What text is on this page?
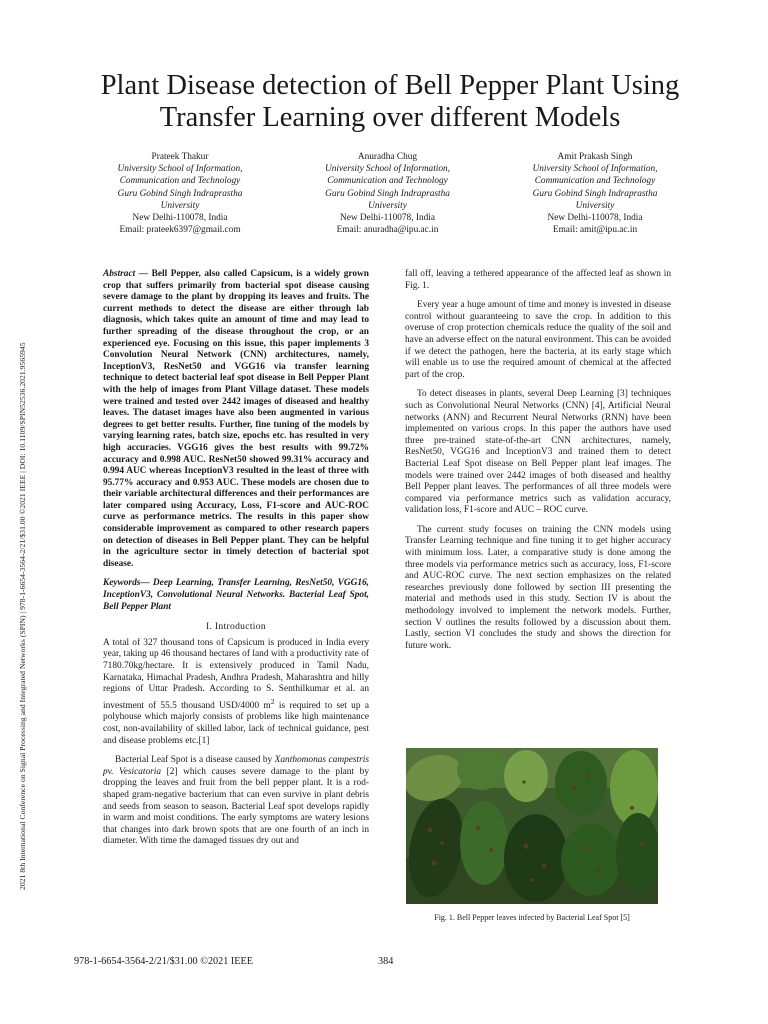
2021 8th International Conference on Signal Processing and Integrated Networks (SPIN) | 978-1-6654-3564-2/21/$31.00 ©2021 IEEE | DOI: 10.1109/SPIN52536.2021.9565945
Plant Disease detection of Bell Pepper Plant Using
Transfer Learning over different Models
Prateek Thakur
University School of Information,
Communication and Technology
Guru Gobind Singh Indraprastha
University
New Delhi-110078, India
Email: prateek6397@gmail.com
Anuradha Chug
University School of Information,
Communication and Technology
Guru Gobind Singh Indraprastha
University
New Delhi-110078, India
Email: anuradha@ipu.ac.in
Amit Prakash Singh
University School of Information,
Communication and Technology
Guru Gobind Singh Indraprastha
University
New Delhi-110078, India
Email: amit@ipu.ac.in

Abstract — Bell Pepper, also called Capsicum, is a widely grown crop that suffers primarily from bacterial spot disease causing severe damage to the plant by dropping its leaves and fruits. The current methods to detect the disease are either through lab diagnosis, which takes quite an amount of time and may lead to further spreading of the disease throughout the crop, or an experienced eye. Focusing on this issue, this paper implements 3 Convolution Neural Network (CNN) architectures, namely, InceptionV3, ResNet50 and VGG16 via transfer learning technique to detect bacterial leaf spot disease in Bell Pepper Plant with the help of images from Plant Village dataset. These models were trained and tested over 2442 images of diseased and healthy leaves. The dataset images have also been augmented in various degrees to get better results. Further, fine tuning of the models by varying learning rates, batch size, epochs etc. has resulted in very high accuracies. VGG16 gives the best results with 99.72% accuracy and 0.998 AUC. ResNet50 showed 99.31% accuracy and 0.994 AUC whereas InceptionV3 resulted in the least of three with 95.77% accuracy and 0.953 AUC. These models are chosen due to their variable architectural differences and their performances are later compared using Accuracy, Loss, F1-score and AUC-ROC curve as performance metrics. The results in this paper show considerable improvement as compared to other research papers on detection of diseases in Bell Pepper plant. They can be helpful in the agriculture sector in timely detection of bacterial spot disease.

Keywords— Deep Learning, Transfer Learning, ResNet50, VGG16, InceptionV3, Convolutional Neural Networks. Bacterial Leaf Spot, Bell Pepper Plant

I. Introduction

A total of 327 thousand tons of Capsicum is produced in India every year, taking up 46 thousand hectares of land with a productivity rate of 7180.70kg/hectare. It is extensively produced in Tamil Nadu, Karnataka, Himachal Pradesh, Andhra Pradesh, Maharashtra and hilly regions of Uttar Pradesh. According to S. Senthilkumar et al. an investment of 55.5 thousand USD/4000 $m^2$ is required to set up a polyhouse which majorly consists of problems like high maintenance cost, non-availability of skilled labor, lack of technical guidance, pest and disease problems etc.[1]

Bacterial Leaf Spot is a disease caused by Xanthomonas campestris pv. Vesicatoria [2] which causes severe damage to the plant by dropping the leaves and fruit from the bell pepper plant. It is a rod-shaped gram-negative bacterium that can even survive in plant debris and seeds from season to season. Bacterial Leaf spot develops rapidly in warm and moist conditions. The early symptoms are watery lesions that changes into dark brown spots that are one fourth of an inch in diameter. With time the damaged tissues dry out and

fall off, leaving a tethered appearance of the affected leaf as shown in Fig. 1.

Every year a huge amount of time and money is invested in disease control without guaranteeing to save the crop. In addition to this overuse of crop protection chemicals reduce the quality of the soil and have an adverse effect on the natural environment. This can be avoided if we detect the pathogen, here the bacteria, at its early stage which will enable us to use the required amount of chemical at the affected part of the crop.

To detect diseases in plants, several Deep Learning [3] techniques such as Convolutional Neural Networks (CNN) [4], Artificial Neural networks (ANN) and Recurrent Neural Networks (RNN) have been implemented on various crops. In this paper the authors have used three pre-trained state-of-the-art CNN architectures, namely, ResNet50, VGG16 and InceptionV3 and trained them to detect Bacterial Leaf Spot disease on Bell Pepper plant leaf images. The models were trained over 2442 images of both diseased and healthy Bell Pepper plant leaves. The performances of all three models were compared via performance metrics such as validation accuracy, validation loss, F1-score and AUC – ROC curve.

The current study focuses on training the CNN models using Transfer Learning technique and fine tuning it to get higher accuracy with minimum loss. Later, a comparative study is done among the three models via performance metrics such as accuracy, loss, F1-score and AUC-ROC curve. The next section emphasizes on the related researches previously done followed by section III presenting the material and methods used in this study. Section IV is about the methodology involved to implement the network models. Further, section V outlines the results followed by a discussion about them. Lastly, section VI concludes the study and shows the direction for future work.

Fig. 1. Bell Pepper leaves infected by Bacterial Leaf Spot [5]
978-1-6654-3564-2/21/$31.00 ©2021 IEEE	384
